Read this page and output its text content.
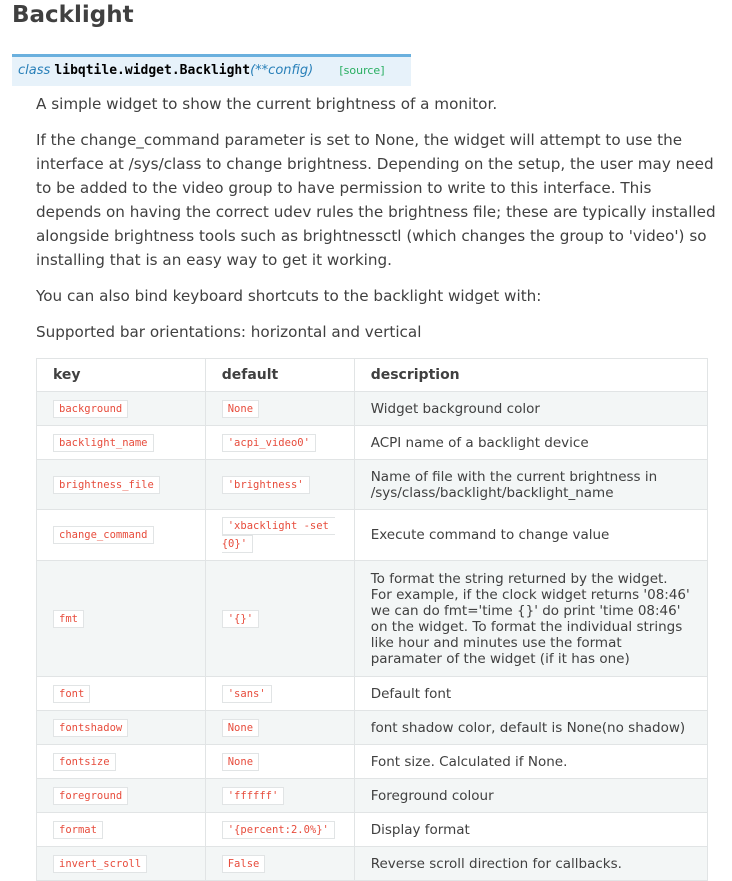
Backlight
class libqtile.widget.Backlight(**config) [source]

A simple widget to show the current brightness of a monitor.

If the change_command parameter is set to None, the widget will attempt to use the interface at /sys/class to change brightness. Depending on the setup, the user may need to be added to the video group to have permission to write to this interface. This depends on having the correct udev rules the brightness file; these are typically installed alongside brightness tools such as brightnessctl (which changes the group to 'video') so installing that is an easy way to get it working.

You can also bind keyboard shortcuts to the backlight widget with:

Supported bar orientations: horizontal and vertical

key	default	description
background	None	Widget background color
backlight_name	'acpi_video0'	ACPI name of a backlight device
brightness_file	'brightness'	Name of file with the current brightness in /sys/class/backlight/backlight_name
change_command	'xbacklight -set {0}'	Execute command to change value
fmt	'{}'	To format the string returned by the widget. For example, if the clock widget returns '08:46' we can do fmt='time {}' do print 'time 08:46' on the widget. To format the individual strings like hour and minutes use the format paramater of the widget (if it has one)
font	'sans'	Default font
fontshadow	None	font shadow color, default is None(no shadow)
fontsize	None	Font size. Calculated if None.
foreground	'ffffff'	Foreground colour
format	'{percent:2.0%}'	Display format
invert_scroll	False	Reverse scroll direction for callbacks.
